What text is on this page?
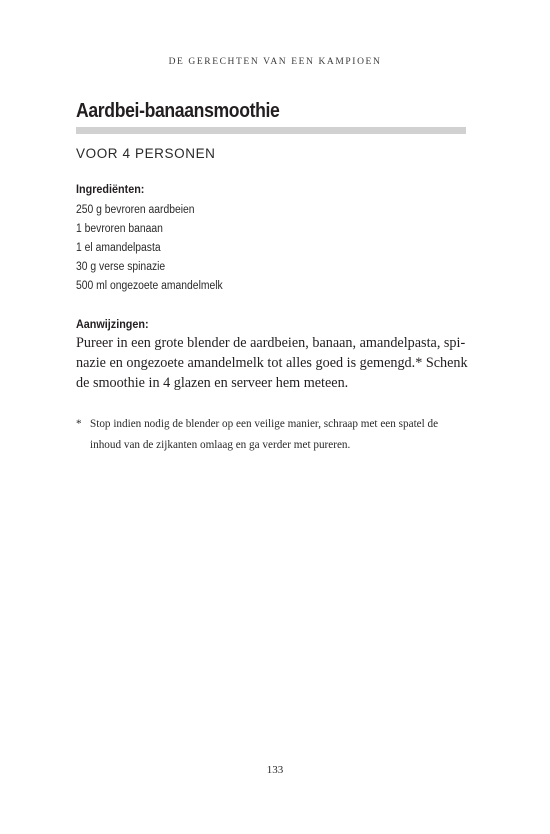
DE GERECHTEN VAN EEN KAMPIOEN
Aardbei-banaansmoothie
VOOR 4 PERSONEN
Ingrediënten:
250 g bevroren aardbeien
1 bevroren banaan
1 el amandelpasta
30 g verse spinazie
500 ml ongezoete amandelmelk
Aanwijzingen:
Pureer in een grote blender de aardbeien, banaan, amandelpasta, spi-
nazie en ongezoete amandelmelk tot alles goed is gemengd.* Schenk
de smoothie in 4 glazen en serveer hem meteen.
* Stop indien nodig de blender op een veilige manier, schraap met een spatel de
inhoud van de zijkanten omlaag en ga verder met pureren.
133
